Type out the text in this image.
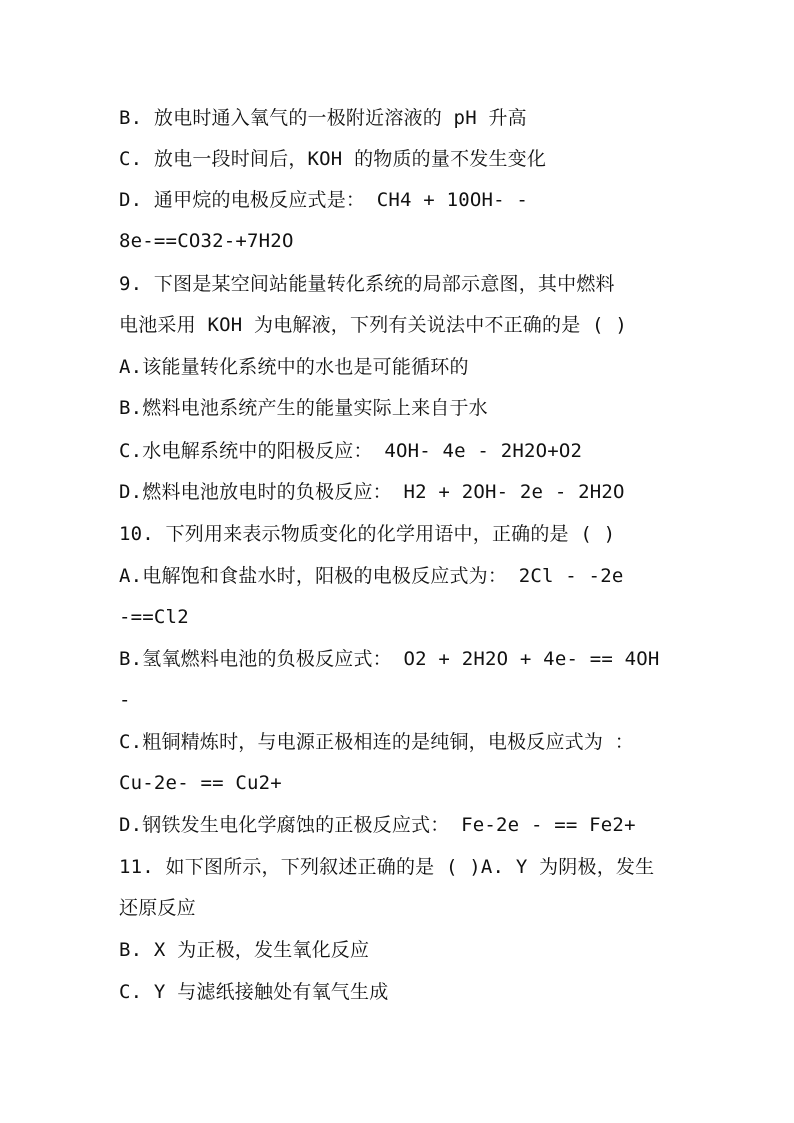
B. 放电时通入氧气的一极附近溶液的 pH 升高
C. 放电一段时间后，KOH 的物质的量不发生变化
D. 通甲烷的电极反应式是： CH4 + 10OH- -
8e-==CO32-+7H2O
9. 下图是某空间站能量转化系统的局部示意图，其中燃料
电池采用 KOH 为电解液，下列有关说法中不正确的是 ( )
A.该能量转化系统中的水也是可能循环的
B.燃料电池系统产生的能量实际上来自于水
C.水电解系统中的阳极反应： 4OH- 4e - 2H2O+O2
D.燃料电池放电时的负极反应： H2 + 2OH- 2e - 2H2O
10. 下列用来表示物质变化的化学用语中，正确的是 ( )
A.电解饱和食盐水时，阳极的电极反应式为： 2Cl - -2e
-==Cl2
B.氢氧燃料电池的负极反应式： O2 + 2H2O + 4e- == 4OH
-
C.粗铜精炼时，与电源正极相连的是纯铜，电极反应式为 ：
Cu-2e- == Cu2+
D.钢铁发生电化学腐蚀的正极反应式： Fe-2e - == Fe2+
11. 如下图所示，下列叙述正确的是 ( )A. Y 为阴极，发生
还原反应
B. X 为正极，发生氧化反应
C. Y 与滤纸接触处有氧气生成
